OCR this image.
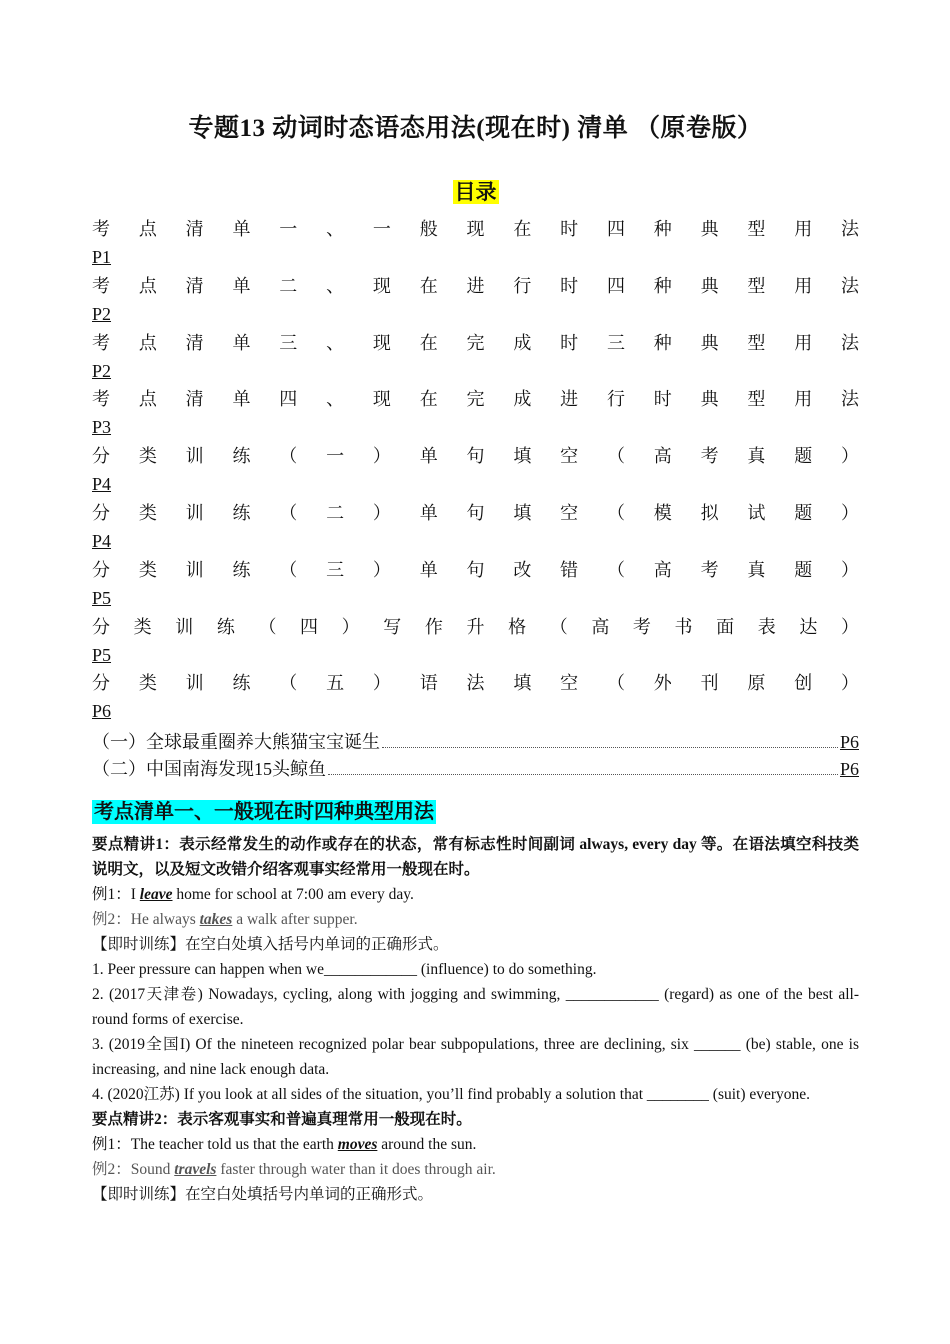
专题13 动词时态语态用法(现在时) 清单 （原卷版）
目录
考 点 清 单 一 、 一 般 现 在 时 四 种 典 型 用 法
P1
考 点 清 单 二 、 现 在 进 行 时 四 种 典 型 用 法
P2
考 点 清 单 三 、 现 在 完 成 时 三 种 典 型 用 法
P2
考 点 清 单 四 、 现 在 完 成 进 行 时 典 型 用 法
P3
分 类 训 练 （ 一 ） 单 句 填 空 （ 高 考 真 题 ）
P4
分 类 训 练 （ 二 ） 单 句 填 空 （ 模 拟 试 题 ）
P4
分 类 训 练 （ 三 ） 单 句 改 错 （ 高 考 真 题 ）
P5
分 类 训 练 （ 四 ） 写 作 升 格 （ 高 考 书 面 表 达 ）
P5
分 类 训 练 （ 五 ） 语 法 填 空 （ 外 刊 原 创 ）
P6
（一）全球最重圈养大熊猫宝宝诞生	P6
（二）中国南海发现15头鲸鱼	P6
考点清单一、一般现在时四种典型用法

要点精讲1：表示经常发生的动作或存在的状态，常有标志性时间副词 always, every day 等。在语法填空科技类说明文，以及短文改错介绍客观事实经常用一般现在时。

例1：I leave home for school at 7:00 am every day.

例2：He always takes a walk after supper.

【即时训练】在空白处填入括号内单词的正确形式。

1. Peer pressure can happen when we____________ (influence) to do something.

2. (2017天津卷) Nowadays, cycling, along with jogging and swimming, ____________ (regard) as one of the best all-round forms of exercise.

3. (2019全国I) Of the nineteen recognized polar bear subpopulations, three are declining, six ______ (be) stable, one is increasing, and nine lack enough data.

4. (2020江苏) If you look at all sides of the situation, you’ll find probably a solution that ________ (suit) everyone.

要点精讲2：表示客观事实和普遍真理常用一般现在时。

例1：The teacher told us that the earth moves around the sun.

例2：Sound travels faster through water than it does through air.

【即时训练】在空白处填括号内单词的正确形式。
